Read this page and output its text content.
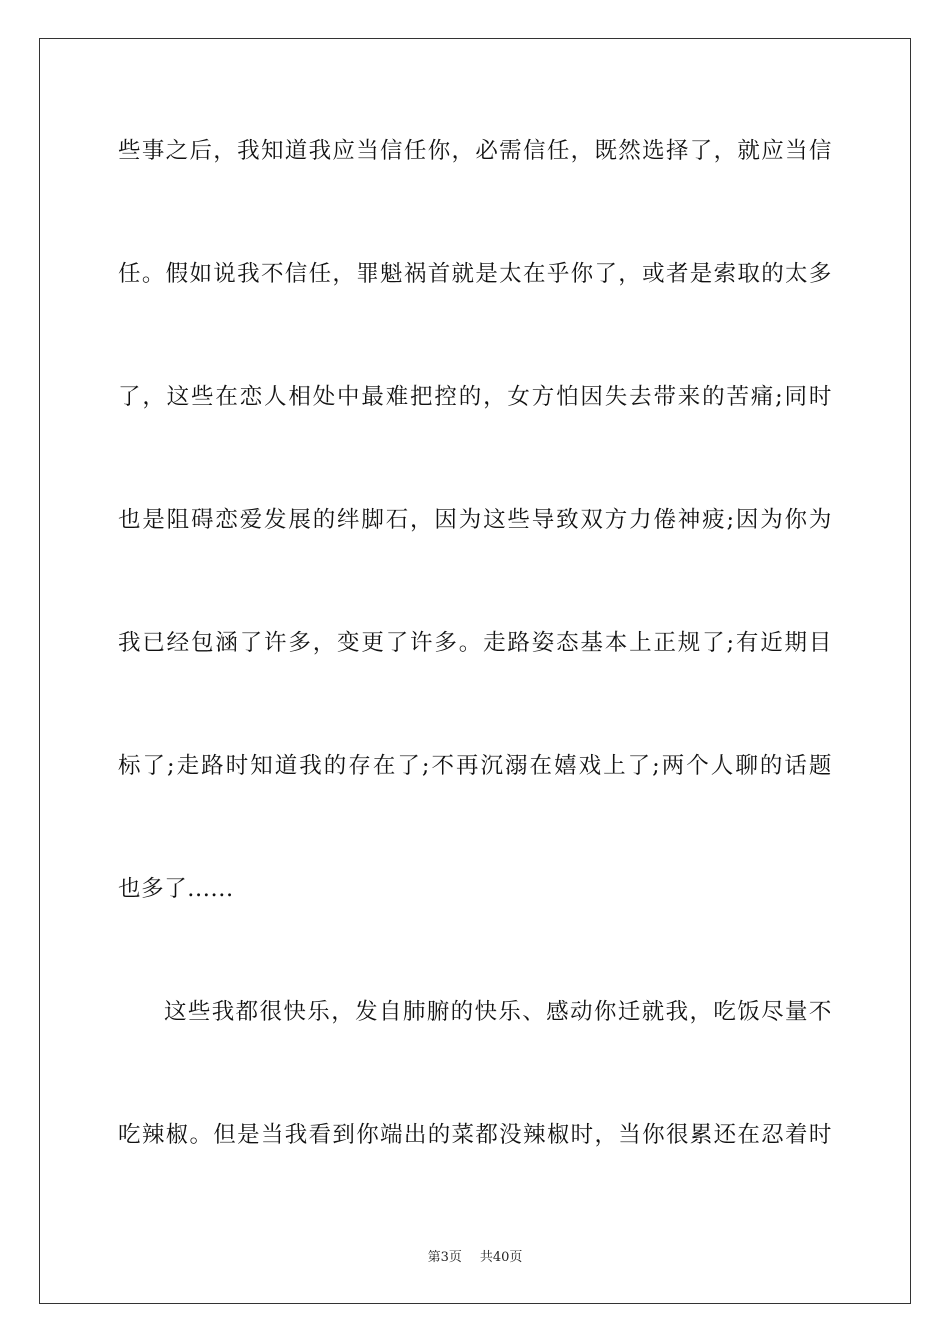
些事之后，我知道我应当信任你，必需信任，既然选择了，就应当信
任。假如说我不信任，罪魁祸首就是太在乎你了，或者是索取的太多
了，这些在恋人相处中最难把控的，女方怕因失去带来的苦痛;同时
也是阻碍恋爱发展的绊脚石，因为这些导致双方力倦神疲;因为你为
我已经包涵了许多，变更了许多。走路姿态基本上正规了;有近期目
标了;走路时知道我的存在了;不再沉溺在嬉戏上了;两个人聊的话题
也多了......
这些我都很快乐，发自肺腑的快乐、感动你迁就我，吃饭尽量不
吃辣椒。但是当我看到你端出的菜都没辣椒时，当你很累还在忍着时
第3页 共40页
